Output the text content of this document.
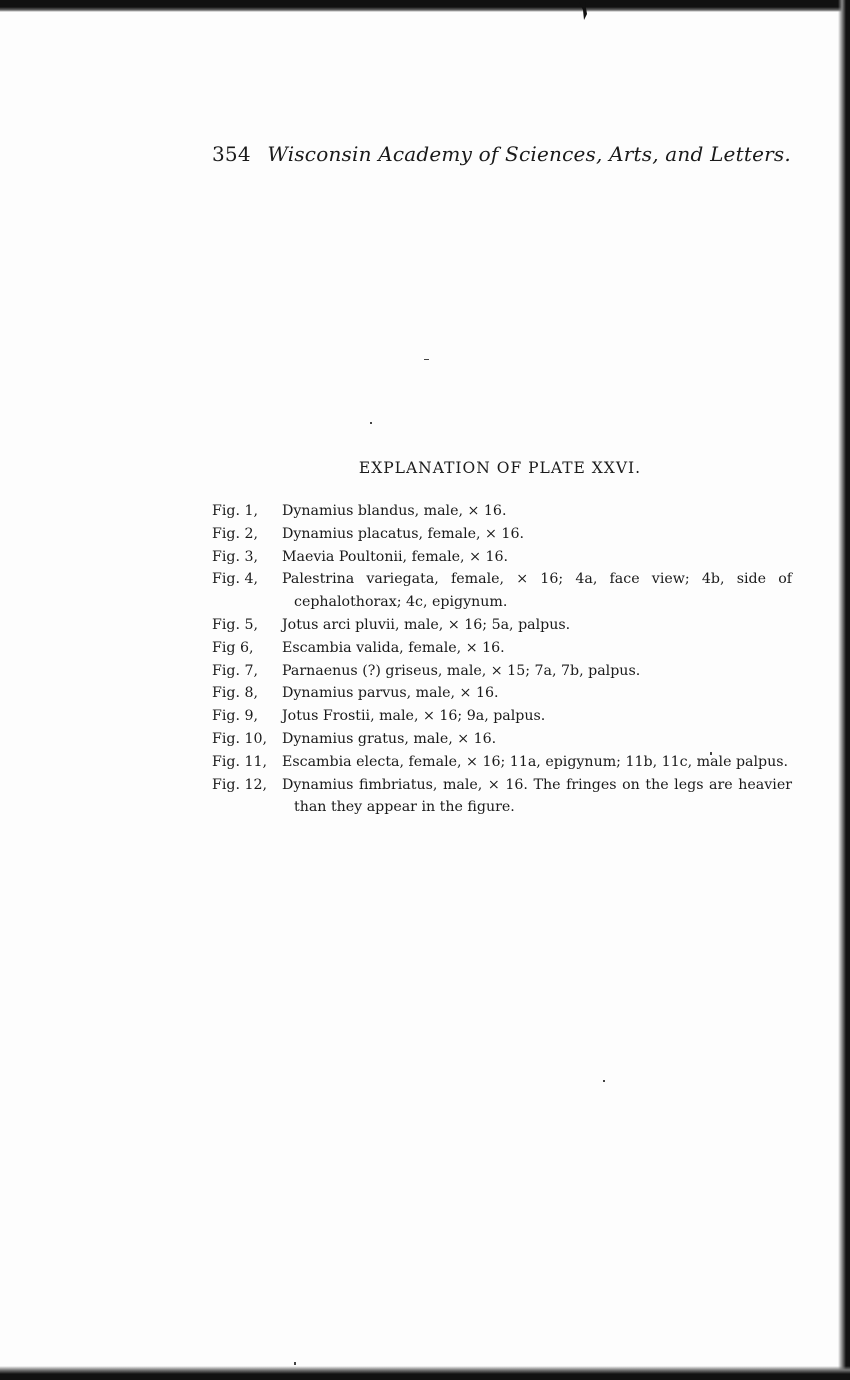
354 Wisconsin Academy of Sciences, Arts, and Letters.
EXPLANATION OF PLATE XXVI.
Fig. 1,	Dynamius blandus, male, × 16.
Fig. 2,	Dynamius placatus, female, × 16.
Fig. 3,	Maevia Poultonii, female, × 16.
Fig. 4,	Palestrina variegata, female, × 16; 4a, face view; 4b, side of cephalothorax; 4c, epigynum.
Fig. 5,	Jotus arci pluvii, male, × 16; 5a, palpus.
Fig 6,	Escambia valida, female, × 16.
Fig. 7,	Parnaenus (?) griseus, male, × 15; 7a, 7b, palpus.
Fig. 8,	Dynamius parvus, male, × 16.
Fig. 9,	Jotus Frostii, male, × 16; 9a, palpus.
Fig. 10,	Dynamius gratus, male, × 16.
Fig. 11,	Escambia electa, female, × 16; 11a, epigynum; 11b, 11c, male palpus.
Fig. 12,	Dynamius fimbriatus, male, × 16. The fringes on the legs are heavier than they appear in the figure.
